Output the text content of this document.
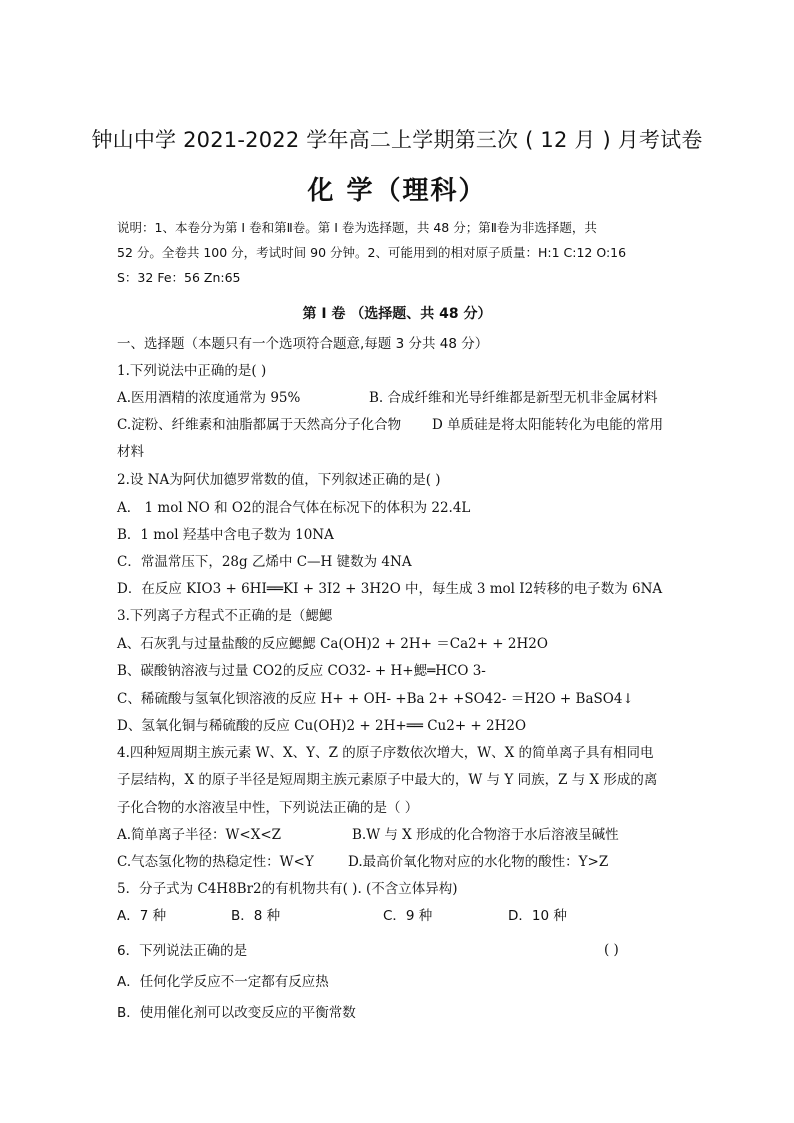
钟山中学 2021-2022 学年高二上学期第三次 ( 12 月 ) 月考试卷
化 学（理科）
说明：1、本卷分为第 I 卷和第Ⅱ卷。第 I 卷为选择题，共 48 分；第Ⅱ卷为非选择题，共
52 分。全卷共 100 分，考试时间 90 分钟。2、可能用到的相对原子质量：H:1 C:12 O:16
S：32 Fe：56 Zn:65
第 I 卷 （选择题、共 48 分）
一、选择题（本题只有一个选项符合题意,每题 3 分共 48 分）
1.下列说法中正确的是( )
A.医用酒精的浓度通常为 95%	B. 合成纤维和光导纤维都是新型无机非金属材料
C.淀粉、纤维素和油脂都属于天然高分子化合物 D 单质硅是将太阳能转化为电能的常用
材料
2.设 NA为阿伏加德罗常数的值，下列叙述正确的是( )
A． 1 mol NO 和 O2的混合气体在标况下的体积为 22.4L
B．1 mol 羟基中含电子数为 10NA
C．常温常压下，28g 乙烯中 C—H 键数为 4NA
D．在反应 KIO3 + 6HI══KI + 3I2 + 3H2O 中，每生成 3 mol I2转移的电子数为 6NA
3.下列离子方程式不正确的是（鰓鰓
A、石灰乳与过量盐酸的反应鰓鰓 Ca(OH)2 + 2H+ ＝Ca2+ + 2H2O
B、碳酸钠溶液与过量 CO2的反应 CO32- + H+鰓═HCO 3-
C、稀硫酸与氢氧化钡溶液的反应 H+ + OH- +Ba 2+ +SO42- ＝H2O + BaSO4↓
D、氢氧化铜与稀硫酸的反应 Cu(OH)2 + 2H+══ Cu2+ + 2H2O
4.四种短周期主族元素 W、X、Y、Z 的原子序数依次增大，W、X 的简单离子具有相同电
子层结构，X 的原子半径是短周期主族元素原子中最大的，W 与 Y 同族，Z 与 X 形成的离
子化合物的水溶液呈中性，下列说法正确的是（ ）
A.简单离子半径：W<X<Z	B.W 与 X 形成的化合物溶于水后溶液呈碱性
C.气态氢化物的热稳定性：W<Y	D.最高价氧化物对应的水化物的酸性：Y>Z
5．分子式为 C4H8Br2的有机物共有( ). (不含立体异构)
A．7 种	B．8 种	C．9 种	D．10 种
6．下列说法正确的是	( )
A．任何化学反应不一定都有反应热
B．使用催化剂可以改变反应的平衡常数
